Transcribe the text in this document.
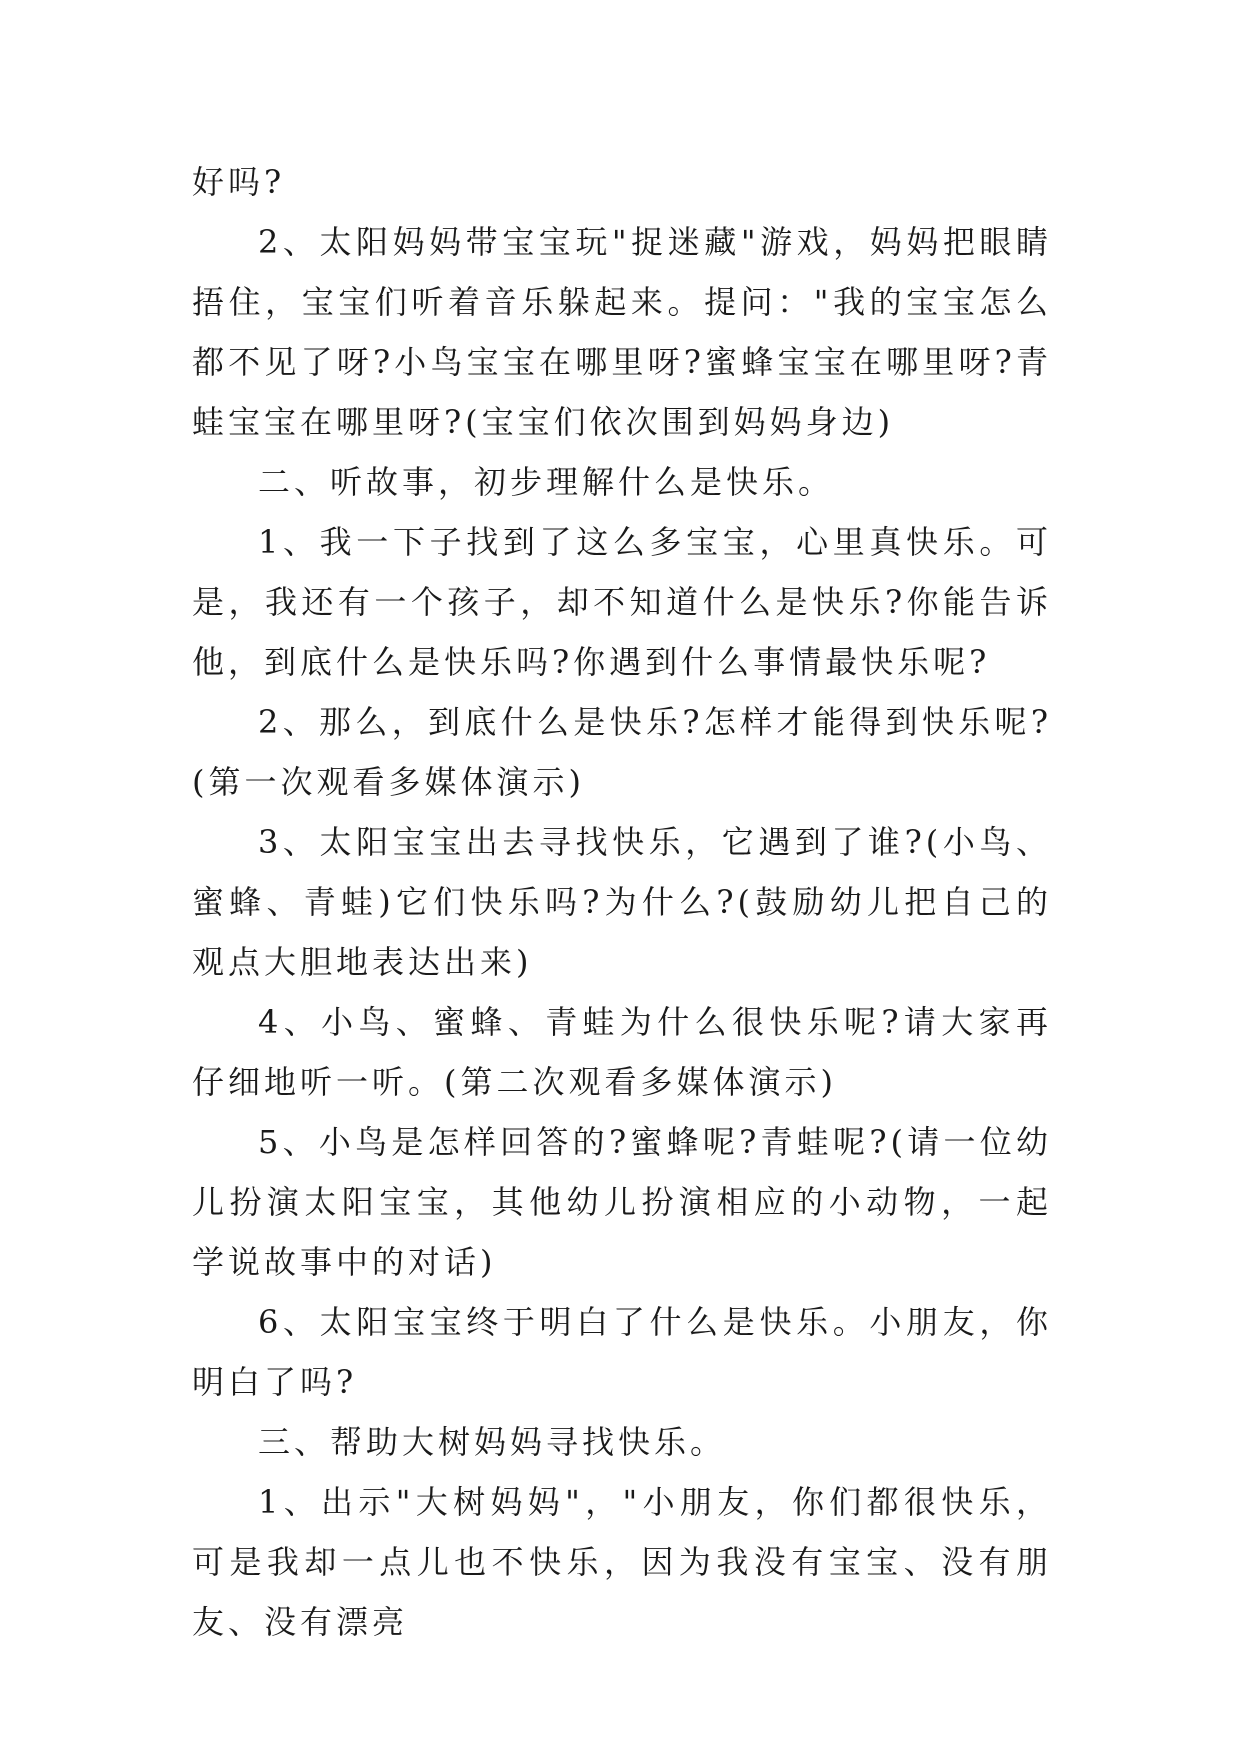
好吗?

2、太阳妈妈带宝宝玩"捉迷藏"游戏，妈妈把眼睛捂住，宝宝们听着音乐躲起来。提问："我的宝宝怎么都不见了呀?小鸟宝宝在哪里呀?蜜蜂宝宝在哪里呀?青蛙宝宝在哪里呀?(宝宝们依次围到妈妈身边)

二、听故事，初步理解什么是快乐。

1、我一下子找到了这么多宝宝，心里真快乐。可是，我还有一个孩子，却不知道什么是快乐?你能告诉他，到底什么是快乐吗?你遇到什么事情最快乐呢?

2、那么，到底什么是快乐?怎样才能得到快乐呢?(第一次观看多媒体演示)

3、太阳宝宝出去寻找快乐，它遇到了谁?(小鸟、蜜蜂、青蛙)它们快乐吗?为什么?(鼓励幼儿把自己的观点大胆地表达出来)

4、小鸟、蜜蜂、青蛙为什么很快乐呢?请大家再仔细地听一听。(第二次观看多媒体演示)

5、小鸟是怎样回答的?蜜蜂呢?青蛙呢?(请一位幼儿扮演太阳宝宝，其他幼儿扮演相应的小动物，一起学说故事中的对话)

6、太阳宝宝终于明白了什么是快乐。小朋友，你明白了吗?

三、帮助大树妈妈寻找快乐。

1、出示"大树妈妈"，"小朋友，你们都很快乐，可是我却一点儿也不快乐，因为我没有宝宝、没有朋友、没有漂亮
